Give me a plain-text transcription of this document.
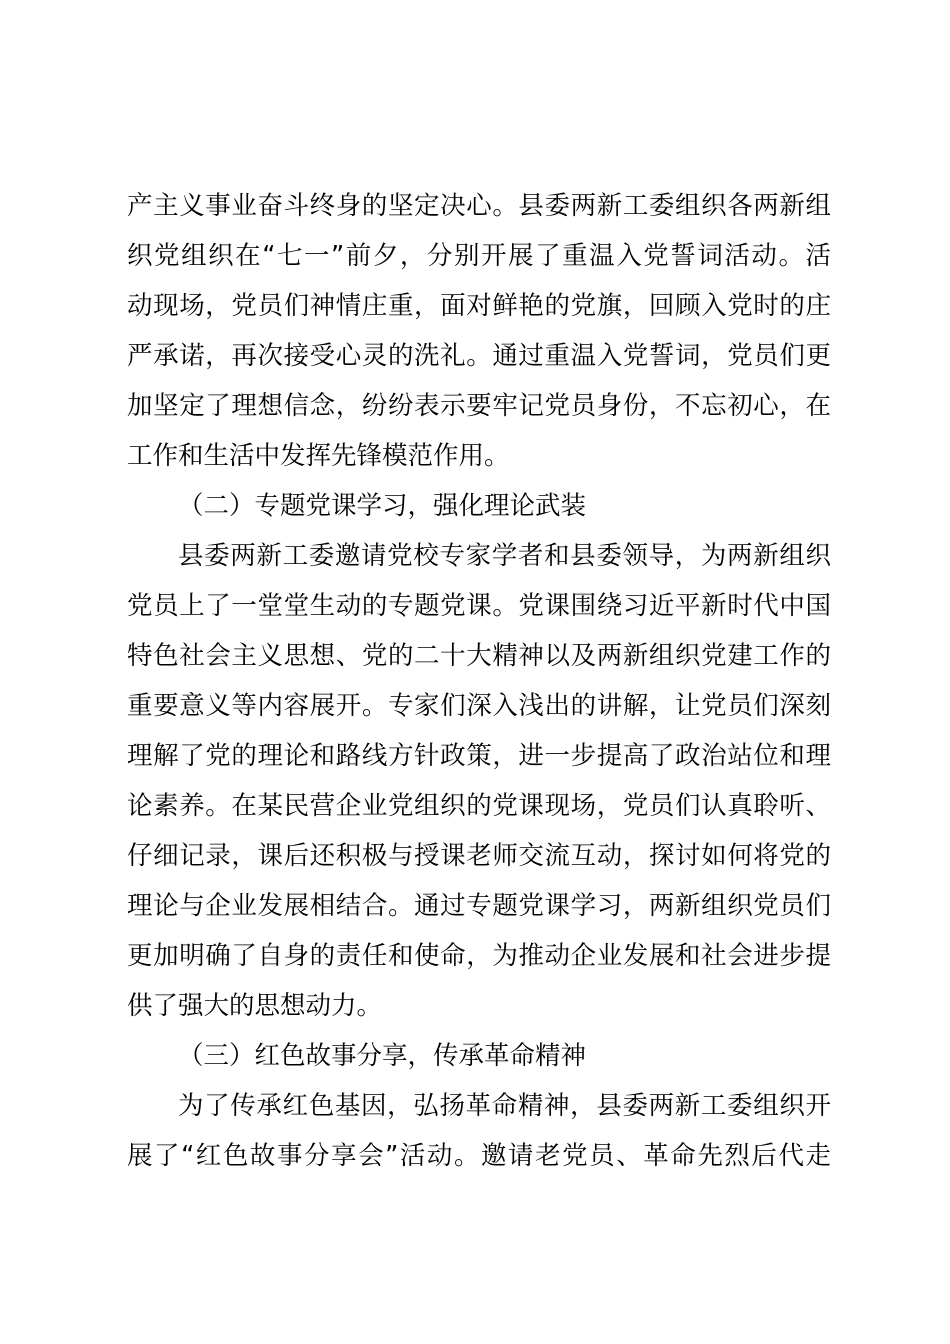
产主义事业奋斗终身的坚定决心。县委两新工委组织各两新组
织党组织在“七一”前夕，分别开展了重温入党誓词活动。活
动现场，党员们神情庄重，面对鲜艳的党旗，回顾入党时的庄
严承诺，再次接受心灵的洗礼。通过重温入党誓词，党员们更
加坚定了理想信念，纷纷表示要牢记党员身份，不忘初心，在
工作和生活中发挥先锋模范作用。
（二）专题党课学习，强化理论武装
县委两新工委邀请党校专家学者和县委领导，为两新组织
党员上了一堂堂生动的专题党课。党课围绕习近平新时代中国
特色社会主义思想、党的二十大精神以及两新组织党建工作的
重要意义等内容展开。专家们深入浅出的讲解，让党员们深刻
理解了党的理论和路线方针政策，进一步提高了政治站位和理
论素养。在某民营企业党组织的党课现场，党员们认真聆听、
仔细记录，课后还积极与授课老师交流互动，探讨如何将党的
理论与企业发展相结合。通过专题党课学习，两新组织党员们
更加明确了自身的责任和使命，为推动企业发展和社会进步提
供了强大的思想动力。
（三）红色故事分享，传承革命精神
为了传承红色基因，弘扬革命精神，县委两新工委组织开
展了“红色故事分享会”活动。邀请老党员、革命先烈后代走
